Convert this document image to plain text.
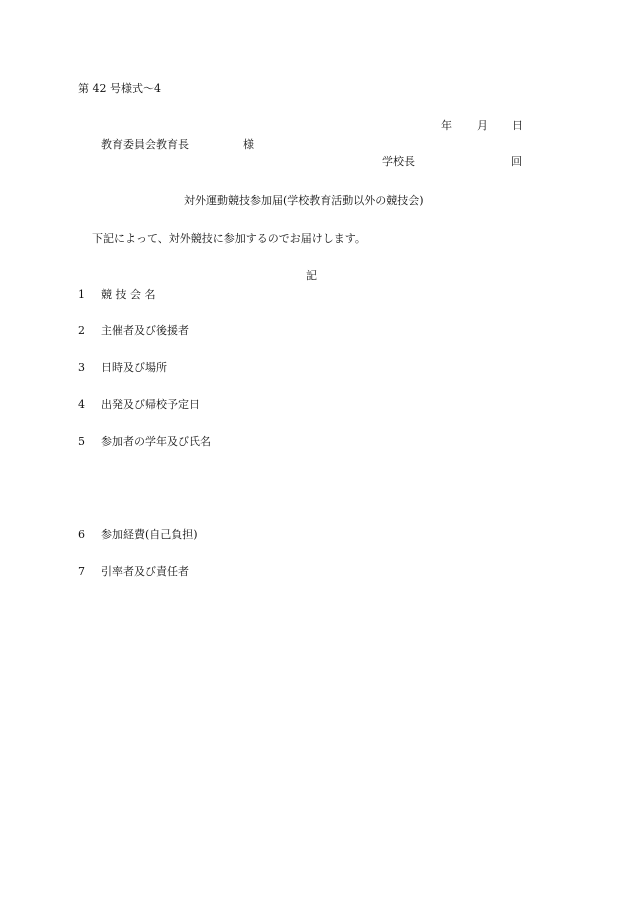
第 42 号様式〜4
年 月 日
教育委員会教育長	様
学校長	回
対外運動競技参加届(学校教育活動以外の競技会)
下記によって、対外競技に参加するのでお届けします。
記
1 競 技 会 名
2 主催者及び後援者
3 日時及び場所
4 出発及び帰校予定日
5 参加者の学年及び氏名
6 参加経費(自己負担)
7 引率者及び責任者
